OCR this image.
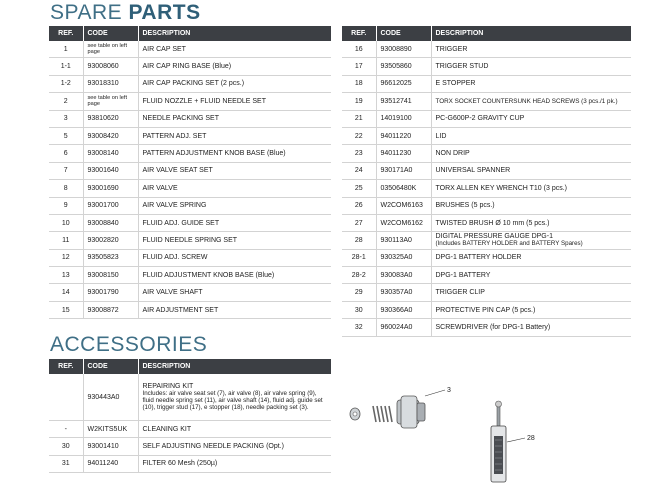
SPARE PARTS
REF.	CODE	DESCRIPTION
1	see table on left page	AIR CAP SET

1-1	93008060	AIR CAP RING BASE (Blue)

1-2	93018310	AIR CAP PACKING SET (2 pcs.)

2	see table on left page	FLUID NOZZLE + FLUID NEEDLE SET

3	93810620	NEEDLE PACKING SET

5	93008420	PATTERN ADJ. SET

6	93008140	PATTERN ADJUSTMENT KNOB BASE (Blue)

7	93001640	AIR VALVE SEAT SET

8	93001690	AIR VALVE

9	93001700	AIR VALVE SPRING

10	93008840	FLUID ADJ. GUIDE SET

11	93002820	FLUID NEEDLE SPRING SET

12	93505823	FLUID ADJ. SCREW

13	93008150	FLUID ADJUSTMENT KNOB BASE (Blue)

14	93001790	AIR VALVE SHAFT

15	93008872	AIR ADJUSTMENT SET
REF.	CODE	DESCRIPTION
16	93008890	TRIGGER

17	93505860	TRIGGER STUD

18	96612025	E STOPPER

19	93512741	TORX SOCKET COUNTERSUNK HEAD SCREWS (3 pcs./1 pk.)

21	14019100	PC-G600P-2 GRAVITY CUP

22	94011220	LID

23	94011230	NON DRIP

24	930171A0	UNIVERSAL SPANNER

25	03506480K	TORX ALLEN KEY WRENCH T10 (3 pcs.)

26	W2COM6163	BRUSHES (5 pcs.)

27	W2COM6162	TWISTED BRUSH Ø 10 mm (5 pcs.)

28	930113A0	DIGITAL PRESSURE GAUGE DPG-1
(Includes BATTERY HOLDER and BATTERY Spares)

28-1	930325A0	DPG-1 BATTERY HOLDER

28-2	930083A0	DPG-1 BATTERY

29	930357A0	TRIGGER CLIP

30	930366A0	PROTECTIVE PIN CAP (5 pcs.)

32	960024A0	SCREWDRIVER (for DPG-1 Battery)
ACCESSORIES
REF.	CODE	DESCRIPTION
	930443A0	REPAIRING KIT
Includes: air valve seat set (7), air valve (8), air valve spring (9), fluid needle spring set (11), air valve shaft (14), fluid adj. guide set (10), trigger stud (17), e stopper (18), needle packing set (3).

-	W2KITS5UK	CLEANING KIT

30	93001410	SELF ADJUSTING NEEDLE PACKING (Opt.)

31	94011240	FILTER 60 Mesh (250µ)
3
28
